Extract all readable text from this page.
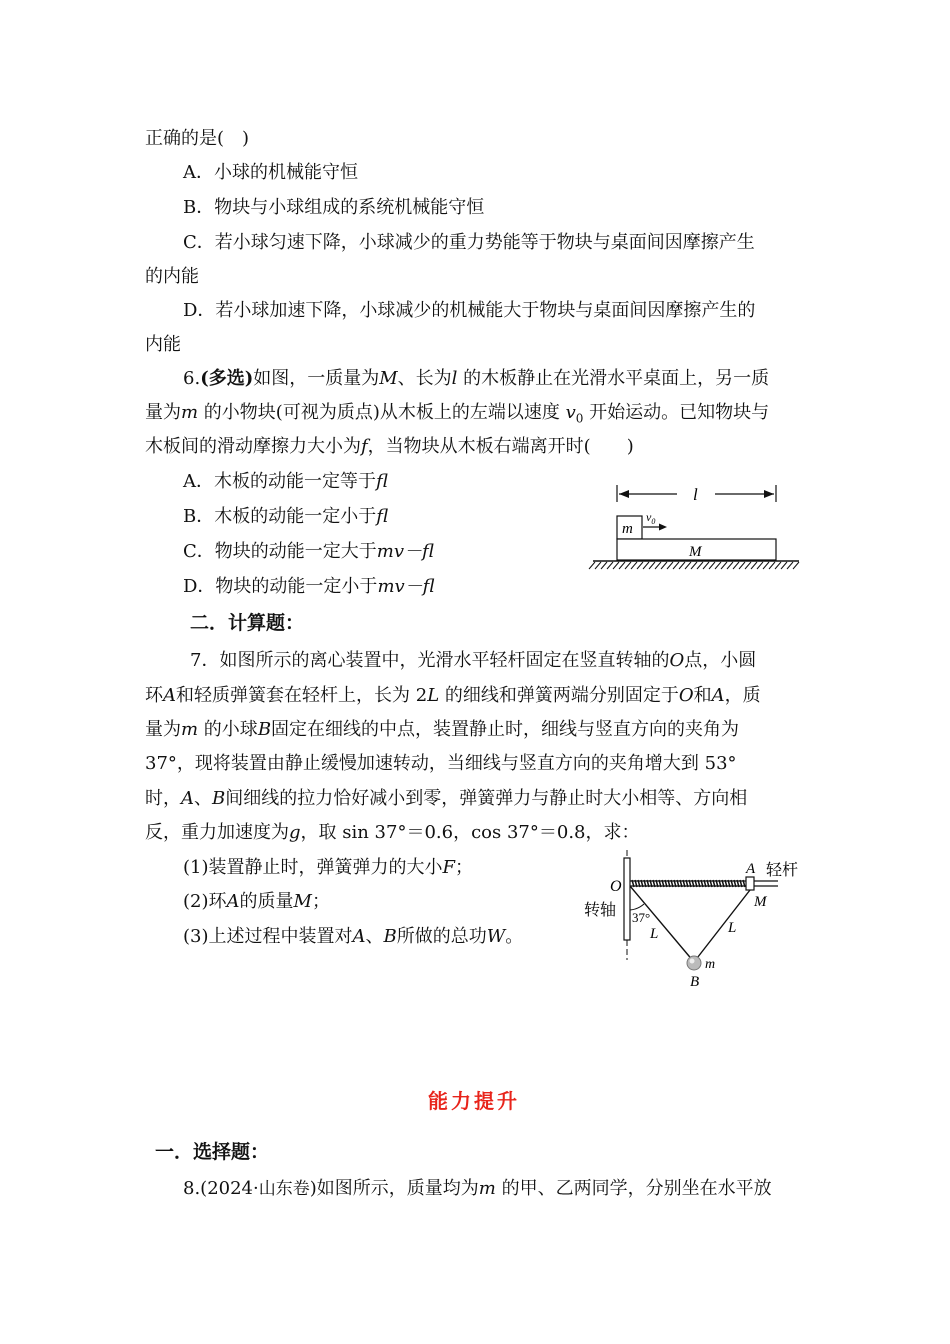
正确的是(　)
A．小球的机械能守恒
B．物块与小球组成的系统机械能守恒
C．若小球匀速下降，小球减少的重力势能等于物块与桌面间因摩擦产生
的内能
D．若小球加速下降，小球减少的机械能大于物块与桌面间因摩擦产生的
内能
6.(多选)如图，一质量为M、长为l 的木板静止在光滑水平桌面上，另一质
量为m 的小物块(可视为质点)从木板上的左端以速度 $v_0$ 开始运动。已知物块与
木板间的滑动摩擦力大小为f，当物块从木板右端离开时(　　)
A．木板的动能一定等于fl
B．木板的动能一定小于fl
C．物块的动能一定大于mv－fl
D．物块的动能一定小于mv－fl
l
m
$v_0$
M
二．计算题：
7．如图所示的离心装置中，光滑水平轻杆固定在竖直转轴的O点，小圆
环A和轻质弹簧套在轻杆上，长为 2L 的细线和弹簧两端分别固定于O和A，质
量为m 的小球B固定在细线的中点，装置静止时，细线与竖直方向的夹角为
37°，现将装置由静止缓慢加速转动，当细线与竖直方向的夹角增大到 53°
时，A、B间细线的拉力恰好减小到零，弹簧弹力与静止时大小相等、方向相
反，重力加速度为g，取 sin 37°＝0.6，cos 37°＝0.8，求：
(1)装置静止时，弹簧弹力的大小F；
(2)环A的质量M；
(3)上述过程中装置对A、B所做的总功W。
O
转轴 37°
A 轻杆
M
L	L
m
B
能力提升
一．选择题：
8.(2024·山东卷)如图所示，质量均为m 的甲、乙两同学，分别坐在水平放
